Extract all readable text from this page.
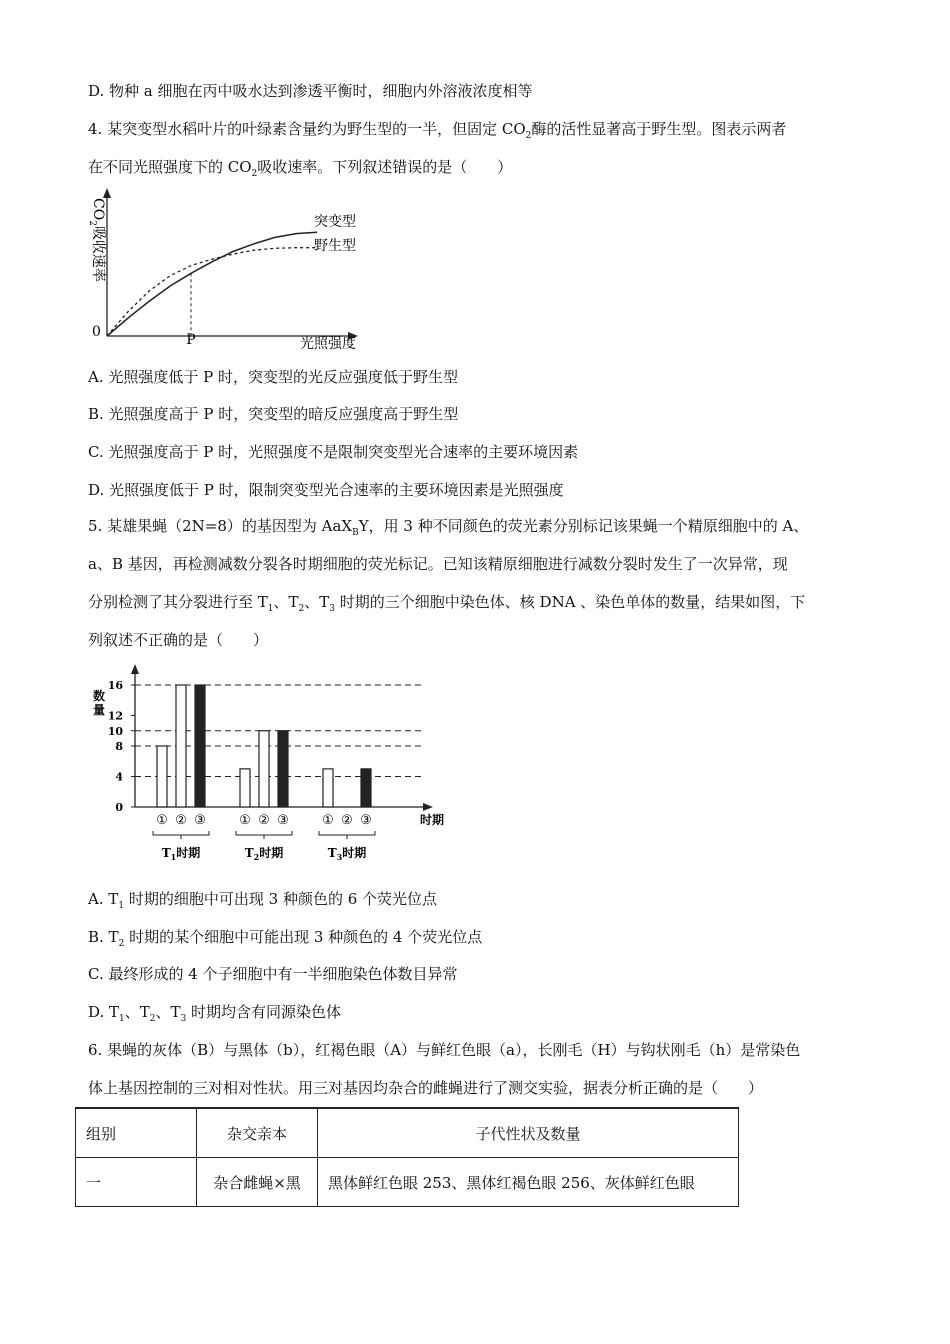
D. 物种 a 细胞在丙中吸水达到渗透平衡时，细胞内外溶液浓度相等
4. 某突变型水稻叶片的叶绿素含量约为野生型的一半，但固定 $CO_2$酶的活性显著高于野生型。图表示两者
在不同光照强度下的 $CO_2$吸收速率。下列叙述错误的是（　　）
$CO_2$吸收速率
0	P	光照强度
突变型
野生型
A. 光照强度低于 P 时，突变型的光反应强度低于野生型
B. 光照强度高于 P 时，突变型的暗反应强度高于野生型
C. 光照强度高于 P 时，光照强度不是限制突变型光合速率的主要环境因素
D. 光照强度低于 P 时，限制突变型光合速率的主要环境因素是光照强度
5. 某雄果蝇（2N=8）的基因型为 AaX$_B$Y，用 3 种不同颜色的荧光素分别标记该果蝇一个精原细胞中的 A、
a、B 基因，再检测减数分裂各时期细胞的荧光标记。已知该精原细胞进行减数分裂时发生了一次异常，现
分别检测了其分裂进行至 $T_1$、$T_2$、$T_3$ 时期的三个细胞中染色体、核 DNA 、染色单体的数量，结果如图，下
列叙述不正确的是（　　）
数
量
0
4
8
10
12
16
① ② ③
$T_1$时期
① ② ③
$T_2$时期
① ② ③
$T_3$时期
时期
A. $T_1$ 时期的细胞中可出现 3 种颜色的 6 个荧光位点
B. $T_2$ 时期的某个细胞中可能出现 3 种颜色的 4 个荧光位点
C. 最终形成的 4 个子细胞中有一半细胞染色体数目异常
D. $T_1$、$T_2$、$T_3$ 时期均含有同源染色体
6. 果蝇的灰体（B）与黑体（b），红褐色眼（A）与鲜红色眼（a），长刚毛（H）与钩状刚毛（h）是常染色
体上基因控制的三对相对性状。用三对基因均杂合的雌蝇进行了测交实验，据表分析正确的是（　　）
组别	杂交亲本	子代性状及数量
一	杂合雌蝇×黑	黑体鲜红色眼 253、黑体红褐色眼 256、灰体鲜红色眼
